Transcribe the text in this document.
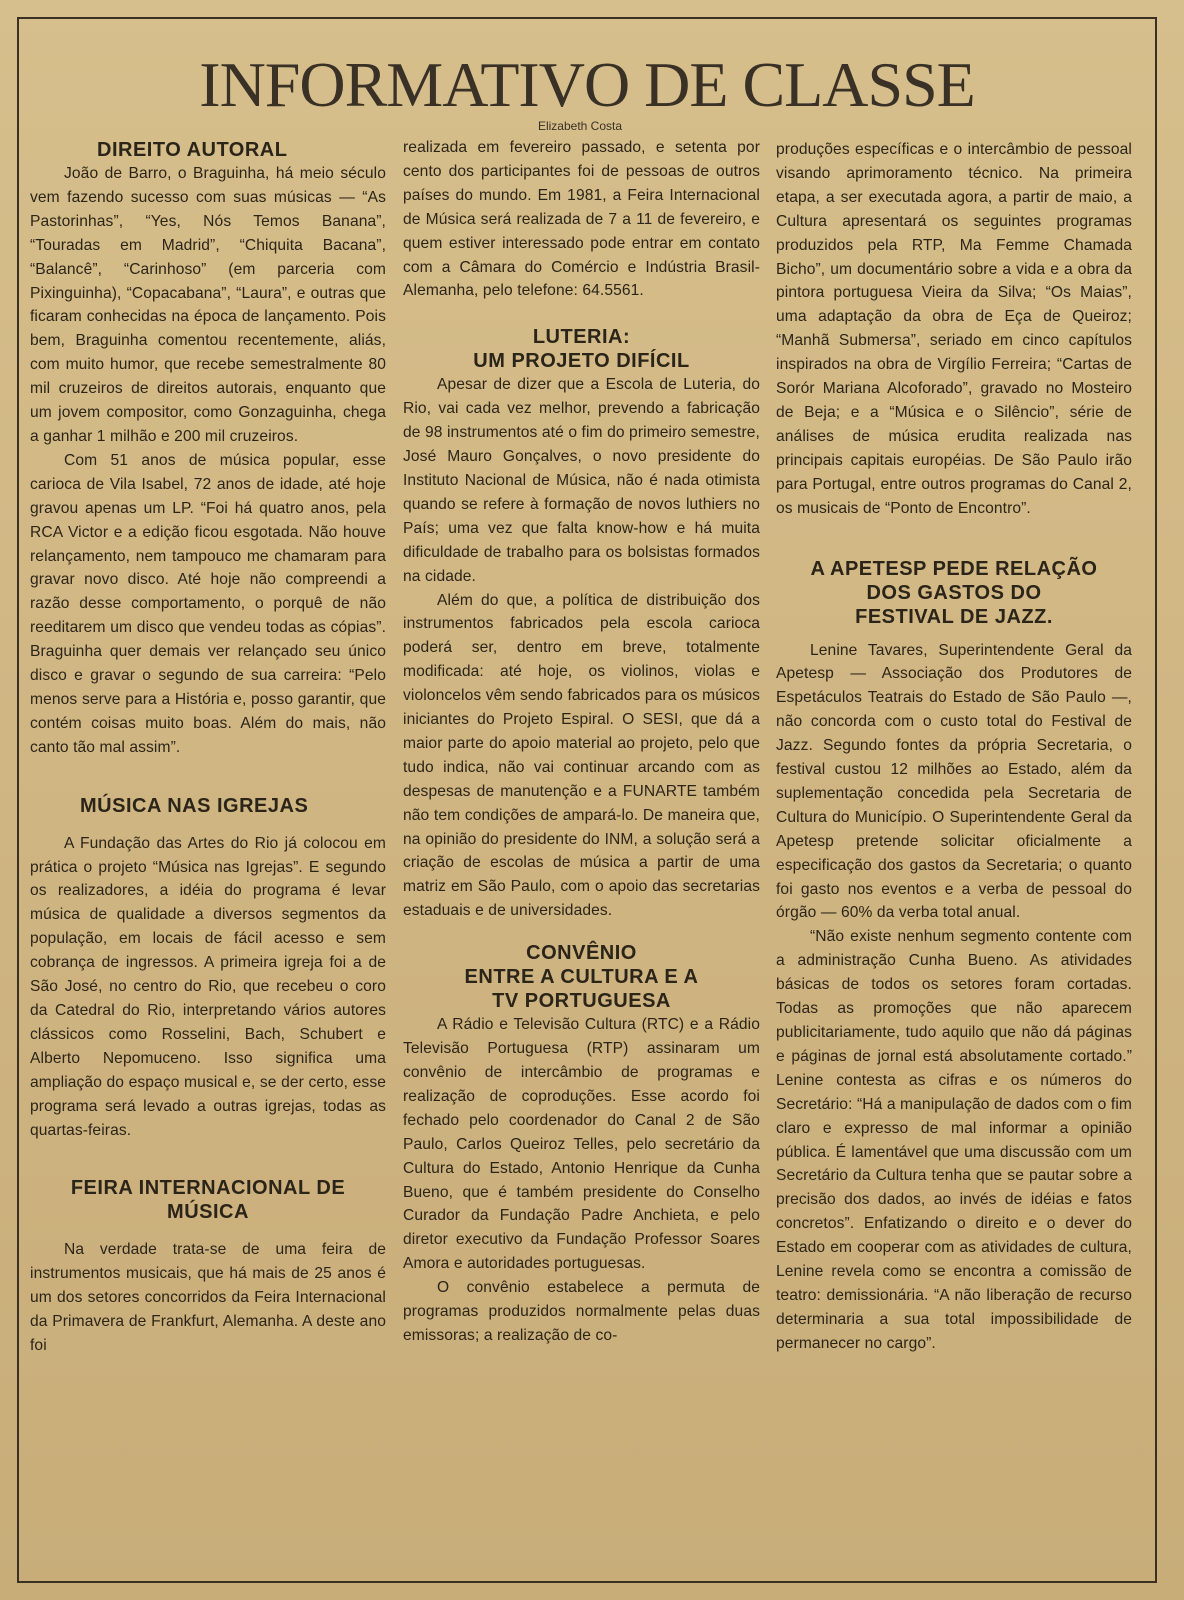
INFORMATIVO DE CLASSE
Elizabeth Costa
DIREITO AUTORAL

João de Barro, o Braguinha, há meio século vem fazendo sucesso com suas músicas — “As Pastorinhas”, “Yes, Nós Temos Banana”, “Touradas em Madrid”, “Chiquita Bacana”, “Balancê”, “Carinhoso” (em parceria com Pixinguinha), “Copacabana”, “Laura”, e outras que ficaram conhecidas na época de lançamento. Pois bem, Braguinha comentou recentemente, aliás, com muito humor, que recebe semestralmente 80 mil cruzeiros de direitos autorais, enquanto que um jovem compositor, como Gonzaguinha, chega a ganhar 1 milhão e 200 mil cruzeiros.

Com 51 anos de música popular, esse carioca de Vila Isabel, 72 anos de idade, até hoje gravou apenas um LP. “Foi há quatro anos, pela RCA Victor e a edição ficou esgotada. Não houve relançamento, nem tampouco me chamaram para gravar novo disco. Até hoje não compreendi a razão desse comportamento, o porquê de não reeditarem um disco que vendeu todas as cópias”. Braguinha quer demais ver relançado seu único disco e gravar o segundo de sua carreira: “Pelo menos serve para a História e, posso garantir, que contém coisas muito boas. Além do mais, não canto tão mal assim”.

MÚSICA NAS IGREJAS

A Fundação das Artes do Rio já colocou em prática o projeto “Música nas Igrejas”. E segundo os realizadores, a idéia do programa é levar música de qualidade a diversos segmentos da população, em locais de fácil acesso e sem cobrança de ingressos. A primeira igreja foi a de São José, no centro do Rio, que recebeu o coro da Catedral do Rio, interpretando vários autores clássicos como Rosselini, Bach, Schubert e Alberto Nepomuceno. Isso significa uma ampliação do espaço musical e, se der certo, esse programa será levado a outras igrejas, todas as quartas-feiras.

FEIRA INTERNACIONAL DE MÚSICA

Na verdade trata-se de uma feira de instrumentos musicais, que há mais de 25 anos é um dos setores concorridos da Feira Internacional da Primavera de Frankfurt, Alemanha. A deste ano foi

realizada em fevereiro passado, e setenta por cento dos participantes foi de pessoas de outros países do mundo. Em 1981, a Feira Internacional de Música será realizada de 7 a 11 de fevereiro, e quem estiver interessado pode entrar em contato com a Câmara do Comércio e Indústria Brasil-Alemanha, pelo telefone: 64.5561.

LUTERIA:
UM PROJETO DIFÍCIL

Apesar de dizer que a Escola de Luteria, do Rio, vai cada vez melhor, prevendo a fabricação de 98 instrumentos até o fim do primeiro semestre, José Mauro Gonçalves, o novo presidente do Instituto Nacional de Música, não é nada otimista quando se refere à formação de novos luthiers no País; uma vez que falta know-how e há muita dificuldade de trabalho para os bolsistas formados na cidade.

Além do que, a política de distribuição dos instrumentos fabricados pela escola carioca poderá ser, dentro em breve, totalmente modificada: até hoje, os violinos, violas e violoncelos vêm sendo fabricados para os músicos iniciantes do Projeto Espiral. O SESI, que dá a maior parte do apoio material ao projeto, pelo que tudo indica, não vai continuar arcando com as despesas de manutenção e a FUNARTE também não tem condições de ampará-lo. De maneira que, na opinião do presidente do INM, a solução será a criação de escolas de música a partir de uma matriz em São Paulo, com o apoio das secretarias estaduais e de universidades.

CONVÊNIO
ENTRE A CULTURA E A
TV PORTUGUESA

A Rádio e Televisão Cultura (RTC) e a Rádio Televisão Portuguesa (RTP) assinaram um convênio de intercâmbio de programas e realização de coproduções. Esse acordo foi fechado pelo coordenador do Canal 2 de São Paulo, Carlos Queiroz Telles, pelo secretário da Cultura do Estado, Antonio Henrique da Cunha Bueno, que é também presidente do Conselho Curador da Fundação Padre Anchieta, e pelo diretor executivo da Fundação Professor Soares Amora e autoridades portuguesas.

O convênio estabelece a permuta de programas produzidos normalmente pelas duas emissoras; a realização de co-

produções específicas e o intercâmbio de pessoal visando aprimoramento técnico. Na primeira etapa, a ser executada agora, a partir de maio, a Cultura apresentará os seguintes programas produzidos pela RTP, Ma Femme Chamada Bicho”, um documentário sobre a vida e a obra da pintora portuguesa Vieira da Silva; “Os Maias”, uma adaptação da obra de Eça de Queiroz; “Manhã Submersa”, seriado em cinco capítulos inspirados na obra de Virgílio Ferreira; “Cartas de Sorór Mariana Alcoforado”, gravado no Mosteiro de Beja; e a “Música e o Silêncio”, série de análises de música erudita realizada nas principais capitais européias. De São Paulo irão para Portugal, entre outros programas do Canal 2, os musicais de “Ponto de Encontro”.

A APETESP PEDE RELAÇÃO
DOS GASTOS DO
FESTIVAL DE JAZZ.

Lenine Tavares, Superintendente Geral da Apetesp — Associação dos Produtores de Espetáculos Teatrais do Estado de São Paulo —, não concorda com o custo total do Festival de Jazz. Segundo fontes da própria Secretaria, o festival custou 12 milhões ao Estado, além da suplementação concedida pela Secretaria de Cultura do Município. O Superintendente Geral da Apetesp pretende solicitar oficialmente a especificação dos gastos da Secretaria; o quanto foi gasto nos eventos e a verba de pessoal do órgão — 60% da verba total anual.

“Não existe nenhum segmento contente com a administração Cunha Bueno. As atividades básicas de todos os setores foram cortadas. Todas as promoções que não aparecem publicitariamente, tudo aquilo que não dá páginas e páginas de jornal está absolutamente cortado.” Lenine contesta as cifras e os números do Secretário: “Há a manipulação de dados com o fim claro e expresso de mal informar a opinião pública. É lamentável que uma discussão com um Secretário da Cultura tenha que se pautar sobre a precisão dos dados, ao invés de idéias e fatos concretos”. Enfatizando o direito e o dever do Estado em cooperar com as atividades de cultura, Lenine revela como se encontra a comissão de teatro: demissionária. “A não liberação de recurso determinaria a sua total impossibilidade de permanecer no cargo”.
